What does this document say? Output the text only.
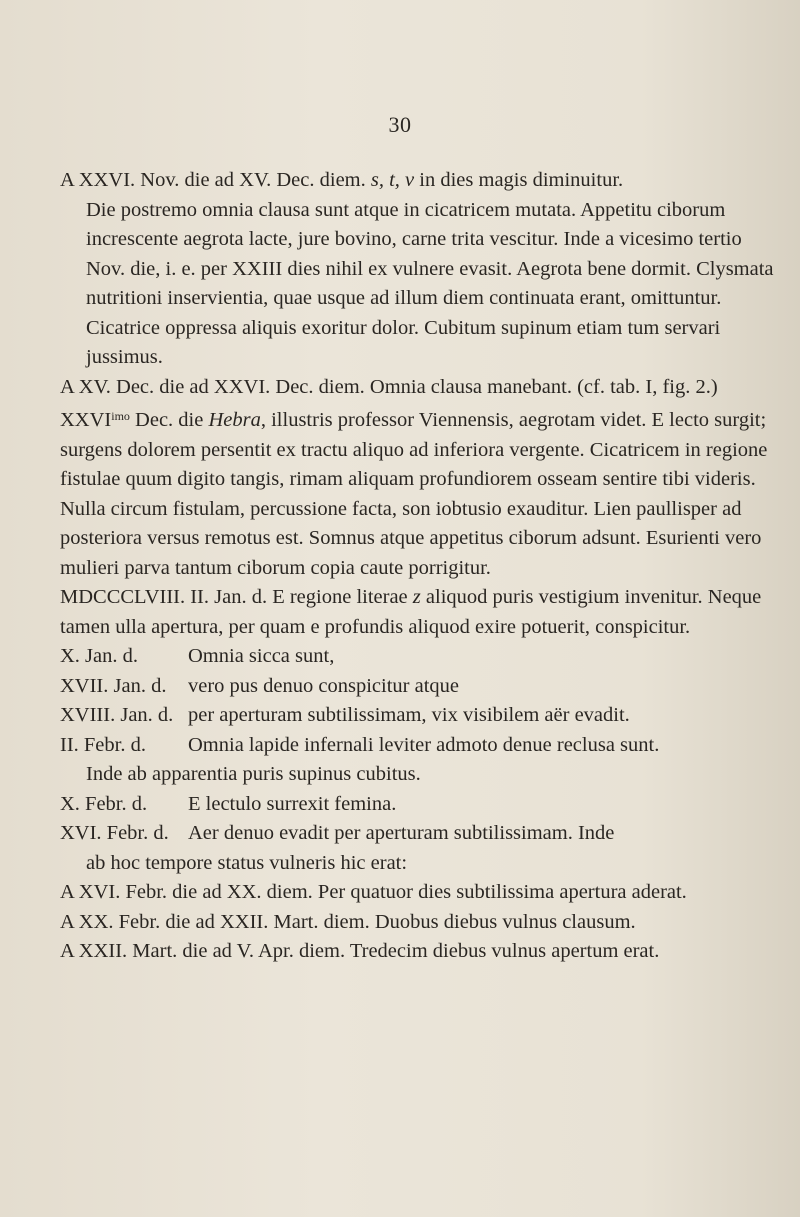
30

A XXVI. Nov. die ad XV. Dec. diem. s, t, v in dies magis diminuitur.
Die postremo omnia clausa sunt atque in cicatricem mutata. Appetitu ciborum increscente aegrota lacte, jure bovino, carne trita vescitur. Inde a vicesimo tertio Nov. die, i. e. per XXIII dies nihil ex vulnere evasit. Aegrota bene dormit. Clysmata nutritioni inservientia, quae usque ad illum diem continuata erant, omittuntur. Cicatrice oppressa aliquis exoritur dolor. Cubitum supinum etiam tum servari jussimus.

A XV. Dec. die ad XXVI. Dec. diem. Omnia clausa manebant. (cf. tab. I, fig. 2.) $XXVI^{imo}$ Dec. die Hebra, illustris professor Viennensis, aegrotam videt. E lecto surgit; surgens dolorem persentit ex tractu aliquo ad inferiora vergente. Cicatricem in regione fistulae quum digito tangis, rimam aliquam profundiorem osseam sentire tibi videris. Nulla circum fistulam, percussione facta, son iobtusio exauditur. Lien paullisper ad posteriora versus remotus est. Somnus atque appetitus ciborum adsunt. Esurienti vero mulieri parva tantum ciborum copia caute porrigitur.

MDCCCLVIII. II. Jan. d. E regione literae z aliquod puris vestigium invenitur. Neque tamen ulla apertura, per quam e profundis aliquod exire potuerit, conspicitur.

X. Jan. d.	Omnia sicca sunt,
XVII. Jan. d.	vero pus denuo conspicitur atque
XVIII. Jan. d. per aperturam subtilissimam, vix visibilem aër evadit.
II. Febr. d.	Omnia lapide infernali leviter admoto denue reclusa sunt.
Inde ab apparentia puris supinus cubitus.
X. Febr. d.	E lectulo surrexit femina.
XVI. Febr. d. Aer denuo evadit per aperturam subtilissimam. Inde
ab hoc tempore status vulneris hic erat:

A XVI. Febr. die ad XX. diem. Per quatuor dies subtilissima apertura aderat.

A XX. Febr. die ad XXII. Mart. diem. Duobus diebus vulnus clausum.

A XXII. Mart. die ad V. Apr. diem. Tredecim diebus vulnus apertum erat.
